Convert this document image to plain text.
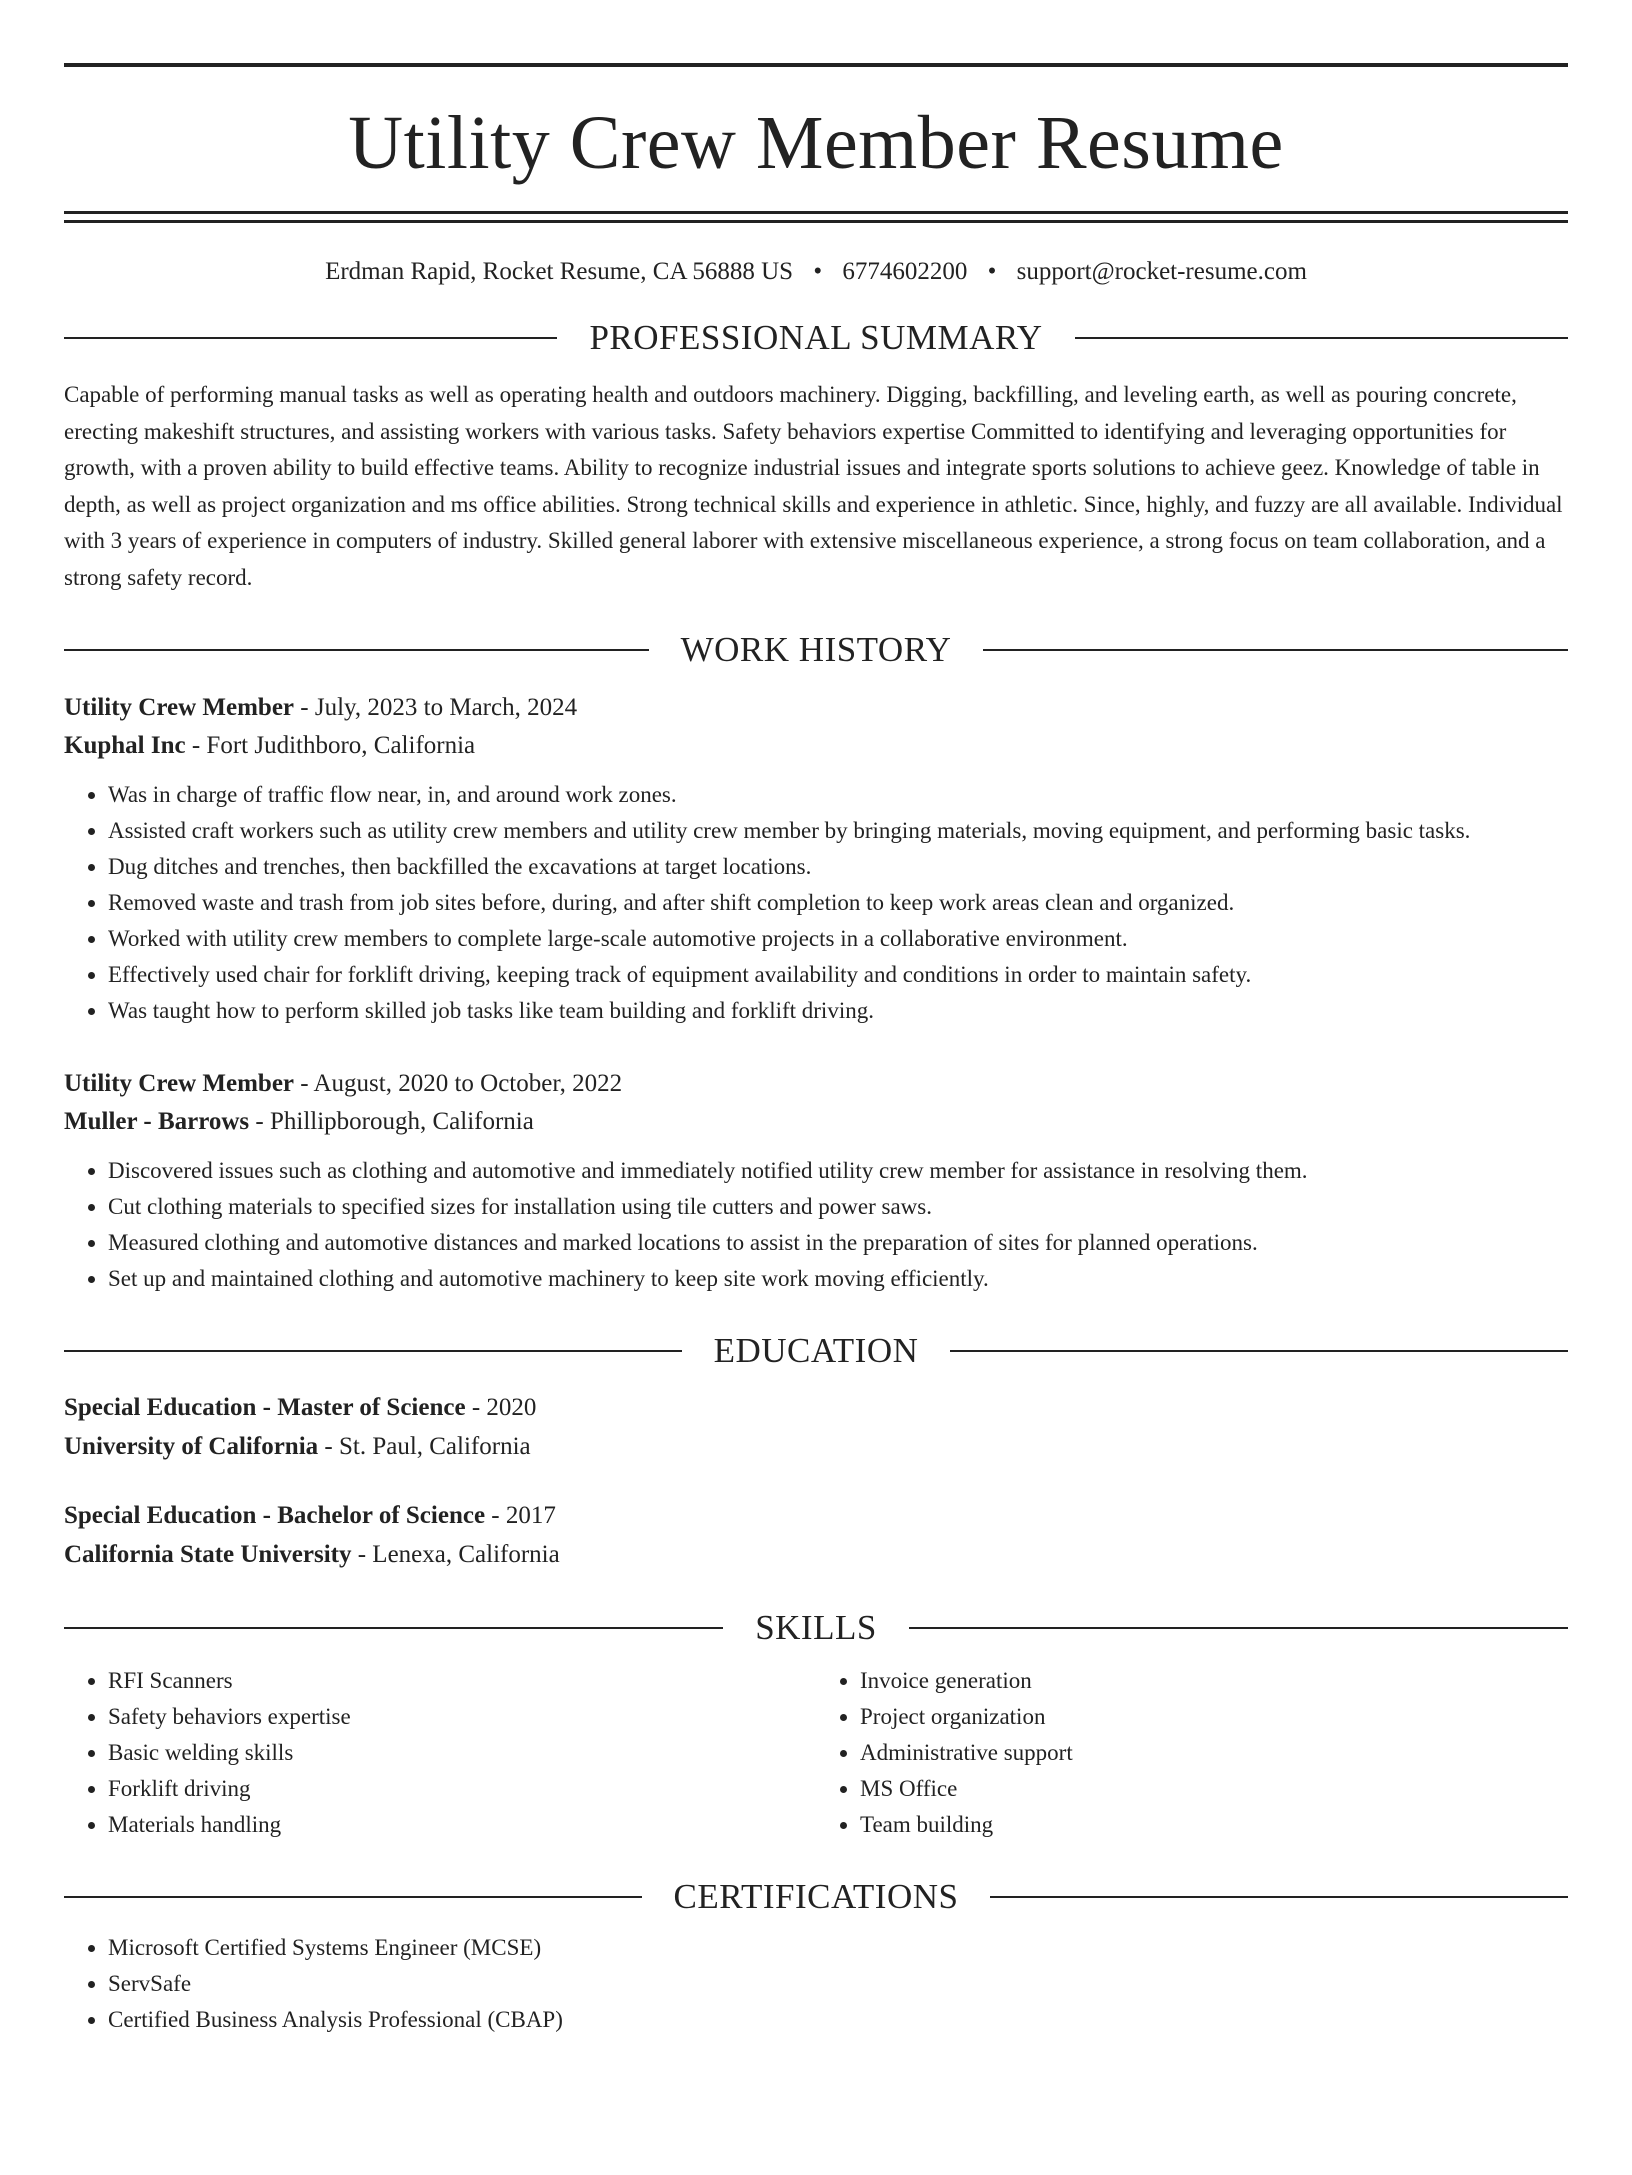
Utility Crew Member Resume
Erdman Rapid, Rocket Resume, CA 56888 US • 6774602200 • support@rocket-resume.com
PROFESSIONAL SUMMARY

Capable of performing manual tasks as well as operating health and outdoors machinery. Digging, backfilling, and leveling earth, as well as pouring concrete, erecting makeshift structures, and assisting workers with various tasks. Safety behaviors expertise Committed to identifying and leveraging opportunities for growth, with a proven ability to build effective teams. Ability to recognize industrial issues and integrate sports solutions to achieve geez. Knowledge of table in depth, as well as project organization and ms office abilities. Strong technical skills and experience in athletic. Since, highly, and fuzzy are all available. Individual with 3 years of experience in computers of industry. Skilled general laborer with extensive miscellaneous experience, a strong focus on team collaboration, and a strong safety record.

WORK HISTORY
Utility Crew Member - July, 2023 to March, 2024
Kuphal Inc - Fort Judithboro, California
• Was in charge of traffic flow near, in, and around work zones.
• Assisted craft workers such as utility crew members and utility crew member by bringing materials, moving equipment, and performing basic tasks.
• Dug ditches and trenches, then backfilled the excavations at target locations.
• Removed waste and trash from job sites before, during, and after shift completion to keep work areas clean and organized.
• Worked with utility crew members to complete large-scale automotive projects in a collaborative environment.
• Effectively used chair for forklift driving, keeping track of equipment availability and conditions in order to maintain safety.
• Was taught how to perform skilled job tasks like team building and forklift driving.
Utility Crew Member - August, 2020 to October, 2022
Muller - Barrows - Phillipborough, California
• Discovered issues such as clothing and automotive and immediately notified utility crew member for assistance in resolving them.
• Cut clothing materials to specified sizes for installation using tile cutters and power saws.
• Measured clothing and automotive distances and marked locations to assist in the preparation of sites for planned operations.
• Set up and maintained clothing and automotive machinery to keep site work moving efficiently.
EDUCATION
Special Education - Master of Science - 2020
University of California - St. Paul, California
Special Education - Bachelor of Science - 2017
California State University - Lenexa, California
SKILLS
• RFI Scanners
• Safety behaviors expertise
• Basic welding skills
• Forklift driving
• Materials handling
• Invoice generation
• Project organization
• Administrative support
• MS Office
• Team building
CERTIFICATIONS
• Microsoft Certified Systems Engineer (MCSE)
• ServSafe
• Certified Business Analysis Professional (CBAP)
